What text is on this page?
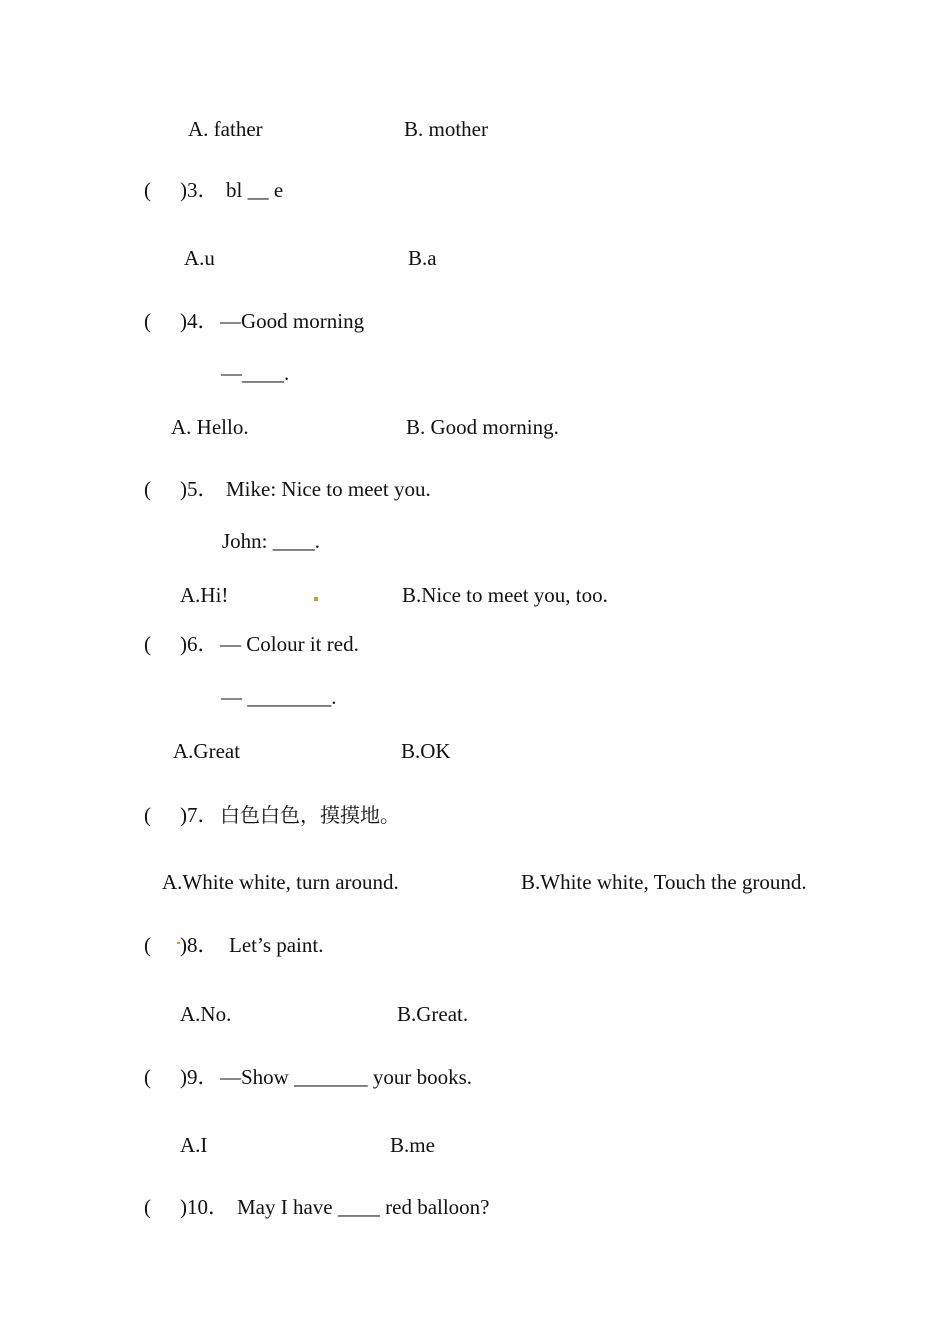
A. father	B. mother
( )3． bl __ e
A.u	B.a
( )4． —Good morning
—____.
A. Hello.	B. Good morning.
( )5． Mike: Nice to meet you.
John: ____.
A.Hi!	B.Nice to meet you, too.
( )6． — Colour it red.
— ________.
A.Great	B.OK
( )7． 白色白色，摸摸地。
A.White white, turn around.	B.White white, Touch the ground.
( )8． Let’s paint.
A.No.	B.Great.
( )9． —Show _______ your books.
A.I	B.me
( )10． May I have ____ red balloon?
